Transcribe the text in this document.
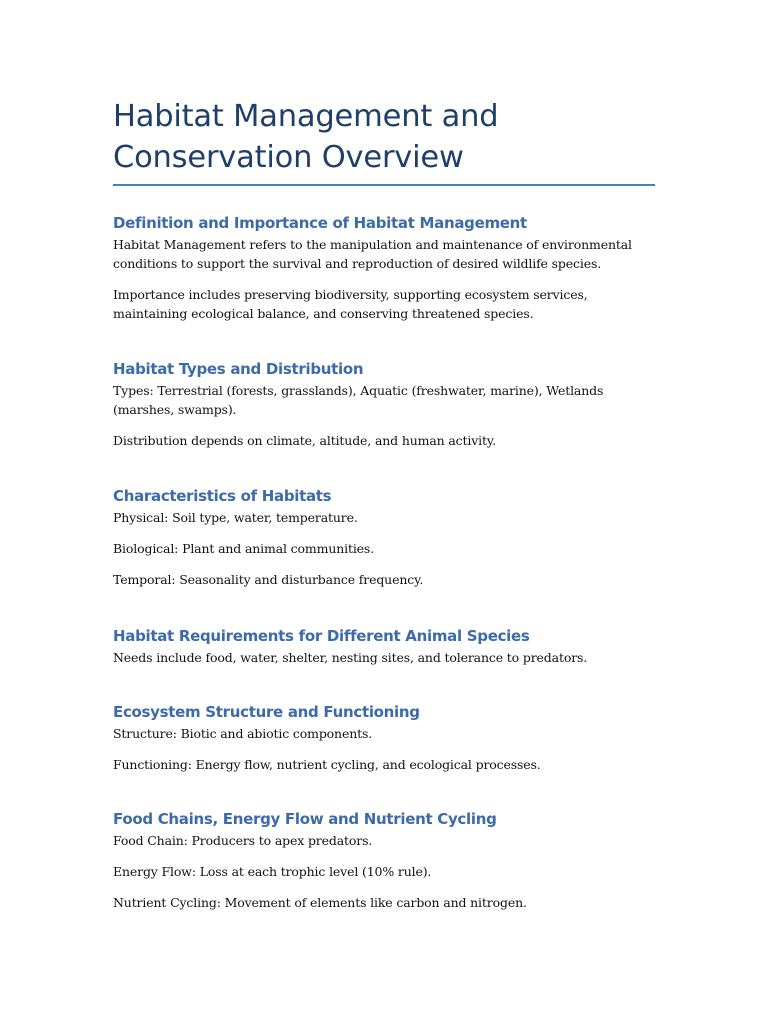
Habitat Management and Conservation Overview
Definition and Importance of Habitat Management

Habitat Management refers to the manipulation and maintenance of environmental conditions to support the survival and reproduction of desired wildlife species.

Importance includes preserving biodiversity, supporting ecosystem services, maintaining ecological balance, and conserving threatened species.

Habitat Types and Distribution

Types: Terrestrial (forests, grasslands), Aquatic (freshwater, marine), Wetlands (marshes, swamps).

Distribution depends on climate, altitude, and human activity.

Characteristics of Habitats

Physical: Soil type, water, temperature.

Biological: Plant and animal communities.

Temporal: Seasonality and disturbance frequency.

Habitat Requirements for Different Animal Species

Needs include food, water, shelter, nesting sites, and tolerance to predators.

Ecosystem Structure and Functioning

Structure: Biotic and abiotic components.

Functioning: Energy flow, nutrient cycling, and ecological processes.

Food Chains, Energy Flow and Nutrient Cycling

Food Chain: Producers to apex predators.

Energy Flow: Loss at each trophic level (10% rule).

Nutrient Cycling: Movement of elements like carbon and nitrogen.
